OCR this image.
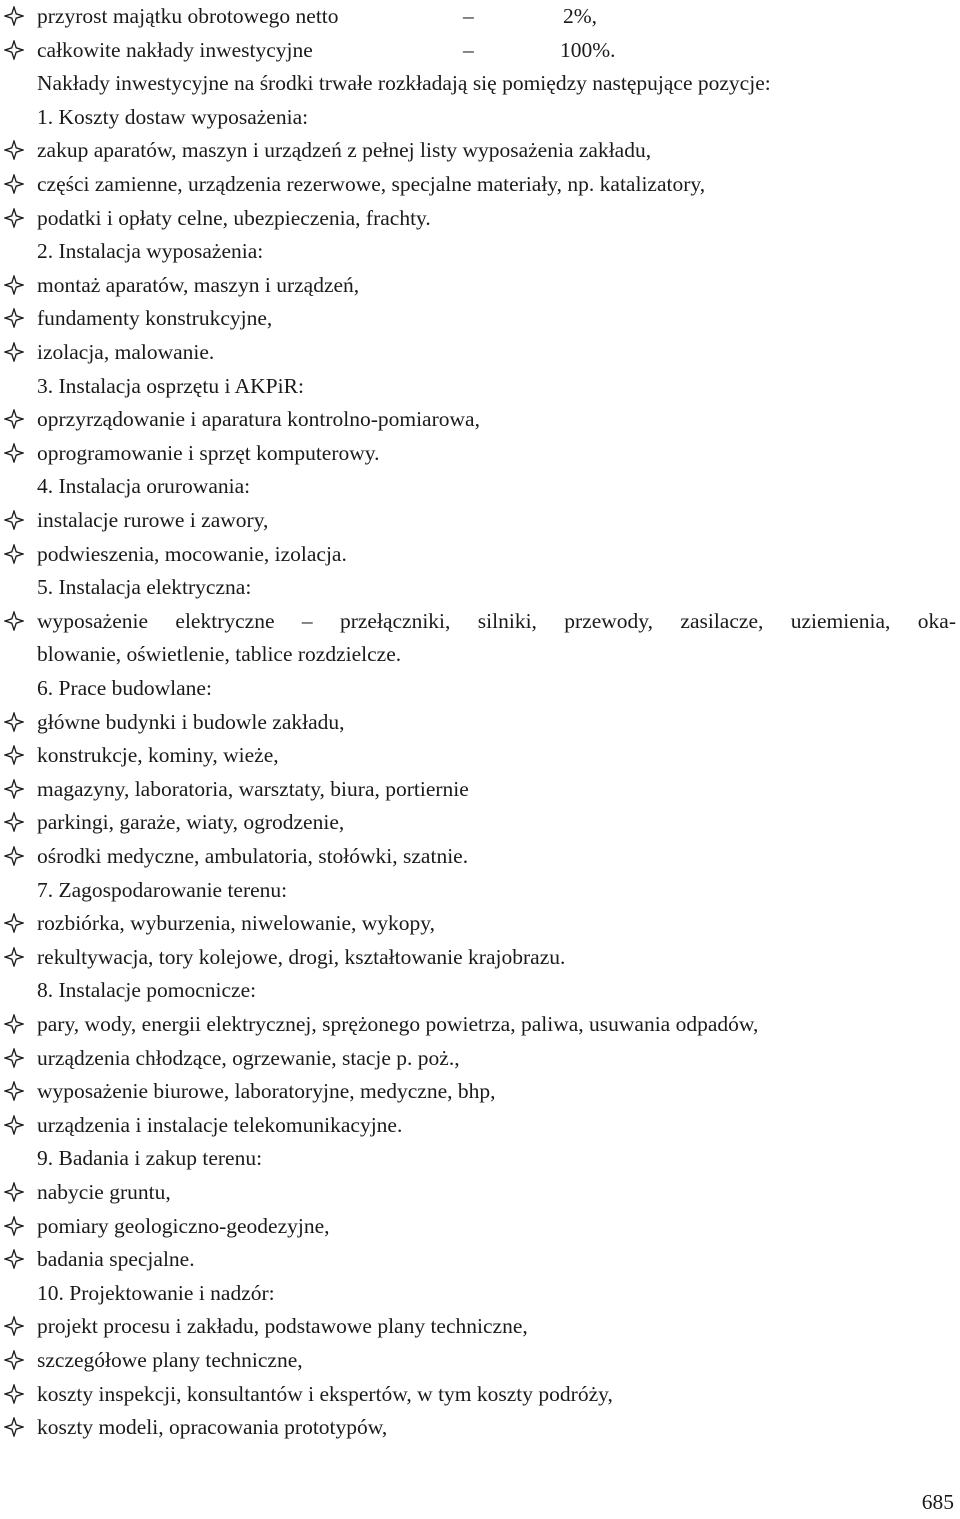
przyrost majątku obrotowego netto	–	2%,
całkowite nakłady inwestycyjne	–	100%.
Nakłady inwestycyjne na środki trwałe rozkładają się pomiędzy następujące pozycje:
1. Koszty dostaw wyposażenia:
zakup aparatów, maszyn i urządzeń z pełnej listy wyposażenia zakładu,
części zamienne, urządzenia rezerwowe, specjalne materiały, np. katalizatory,
podatki i opłaty celne, ubezpieczenia, frachty.
2. Instalacja wyposażenia:
montaż aparatów, maszyn i urządzeń,
fundamenty konstrukcyjne,
izolacja, malowanie.
3. Instalacja osprzętu i AKPiR:
oprzyrządowanie i aparatura kontrolno-pomiarowa,
oprogramowanie i sprzęt komputerowy.
4. Instalacja orurowania:
instalacje rurowe i zawory,
podwieszenia, mocowanie, izolacja.
5. Instalacja elektryczna:
wyposażenie elektryczne – przełączniki, silniki, przewody, zasilacze, uziemienia, oka-
blowanie, oświetlenie, tablice rozdzielcze.
6. Prace budowlane:
główne budynki i budowle zakładu,
konstrukcje, kominy, wieże,
magazyny, laboratoria, warsztaty, biura, portiernie
parkingi, garaże, wiaty, ogrodzenie,
ośrodki medyczne, ambulatoria, stołówki, szatnie.
7. Zagospodarowanie terenu:
rozbiórka, wyburzenia, niwelowanie, wykopy,
rekultywacja, tory kolejowe, drogi, kształtowanie krajobrazu.
8. Instalacje pomocnicze:
pary, wody, energii elektrycznej, sprężonego powietrza, paliwa, usuwania odpadów,
urządzenia chłodzące, ogrzewanie, stacje p. poż.,
wyposażenie biurowe, laboratoryjne, medyczne, bhp,
urządzenia i instalacje telekomunikacyjne.
9. Badania i zakup terenu:
nabycie gruntu,
pomiary geologiczno-geodezyjne,
badania specjalne.
10. Projektowanie i nadzór:
projekt procesu i zakładu, podstawowe plany techniczne,
szczegółowe plany techniczne,
koszty inspekcji, konsultantów i ekspertów, w tym koszty podróży,
koszty modeli, opracowania prototypów,
685
